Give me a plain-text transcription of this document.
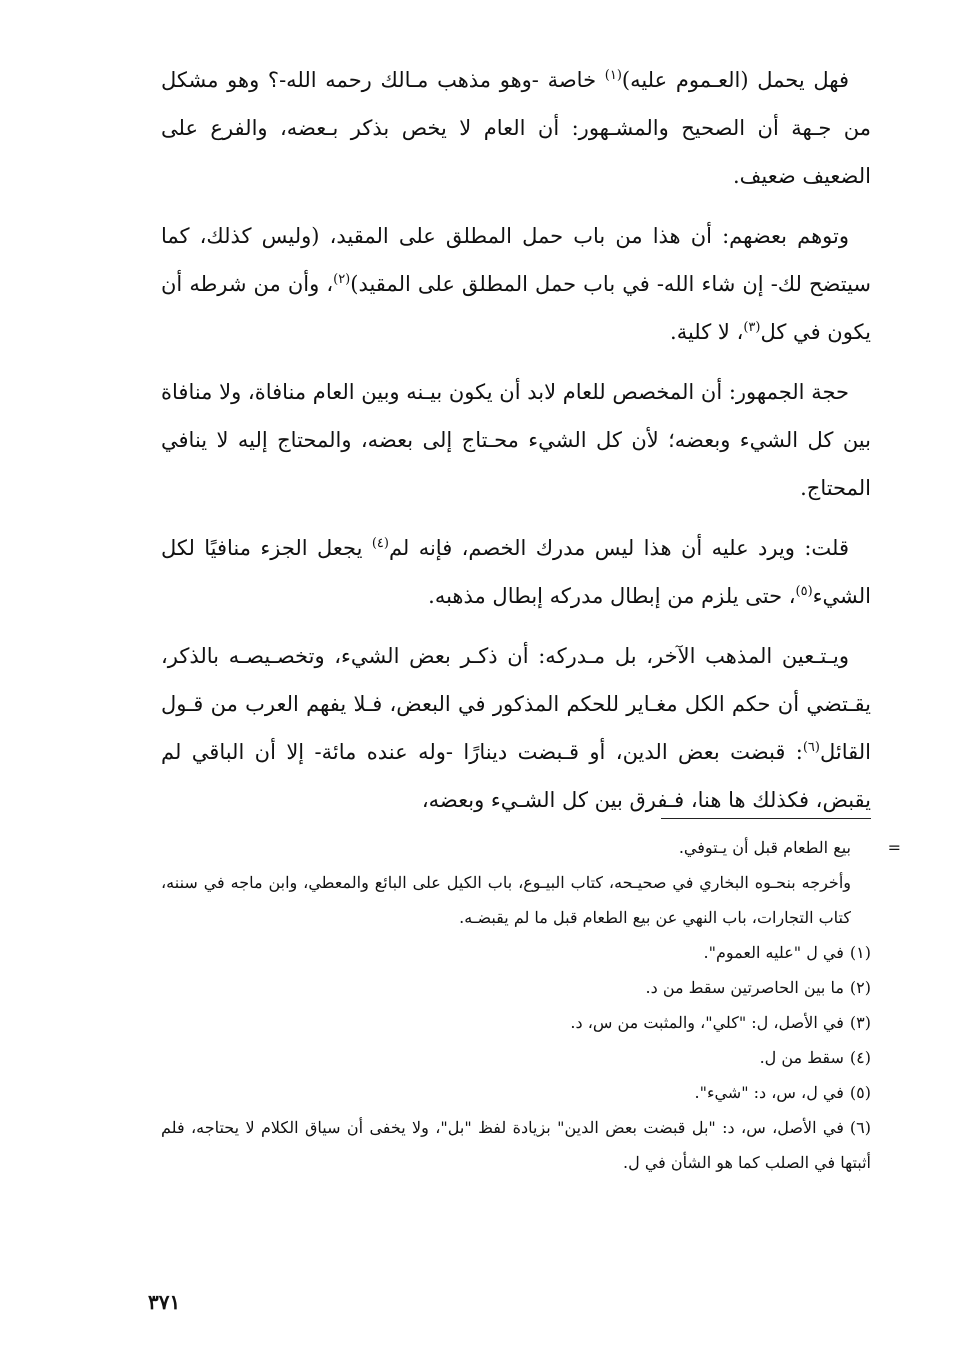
فهل يحمل (العـموم عليه)$^{(١)}$ خاصة -وهو مذهب مـالك رحمه الله-؟ وهو مشكل من جـهة أن الصحيح والمشـهور: أن العام لا يخص بذكر بـعضه، والفرع على الضعيف ضعيف.

وتوهم بعضهم: أن هذا من باب حمل المطلق على المقيد، (وليس كذلك، كما سيتضح لك- إن شاء الله- في باب حمل المطلق على المقيد)$^{(٢)}$، وأن من شرطه أن يكون في كل$^{(٣)}$، لا كلية.

حجة الجمهور: أن المخصص للعام لابد أن يكون بيـنه وبين العام منافاة، ولا منافاة بين كل الشيء وبعضه؛ لأن كل الشيء محـتاج إلى بعضه، والمحتاج إليه لا ينافي المحتاج.

قلت: ويرد عليه أن هذا ليس مدرك الخصم، فإنه لم$^{(٤)}$ يجعل الجزء منافيًا لكل الشيء$^{(٥)}$، حتى يلزم من إبطال مدركه إبطال مذهبه.

ويـتـعين المذهب الآخر، بل مـدركه: أن ذكـر بعض الشيء، وتخصـيصـه بالذكر، يقـتضي أن حكم الكل مغـاير للحكم المذكور في البعض، فـلا يفهم العرب من قـول القائل$^{(٦)}$: قبضت بعض الدين، أو قـبضت دينارًا -وله عنده مائة- إلا أن الباقي لم يقبض، فكذلك ها هنا، فـفرق بين كل الشـيء وبعضه،

=
بيع الطعام قبل أن يـتوفي.

وأخرجه بنحـوه البخاري في صحيـحه، كتاب البيـوع، باب الكيل على البائع والمعطي، وابن ماجه في سننه، كتاب التجارات، باب النهي عن بيع الطعام قبل ما لم يقبضـه.

(١)في ل "عليه العموم".

(٢)ما بين الحاصرتين سقط من د.

(٣)في الأصل، ل: "كلي"، والمثبت من س، د.

(٤)سقط من ل.

(٥)في ل، س، د: "شيء".

(٦)في الأصل، س، د: "بل قبضت بعض الدين" بزيادة لفظ "بل"، ولا يخفى أن سياق الكلام لا يحتاجه، فلم أثبتها في الصلب كما هو الشأن في ل.

٣٧١
